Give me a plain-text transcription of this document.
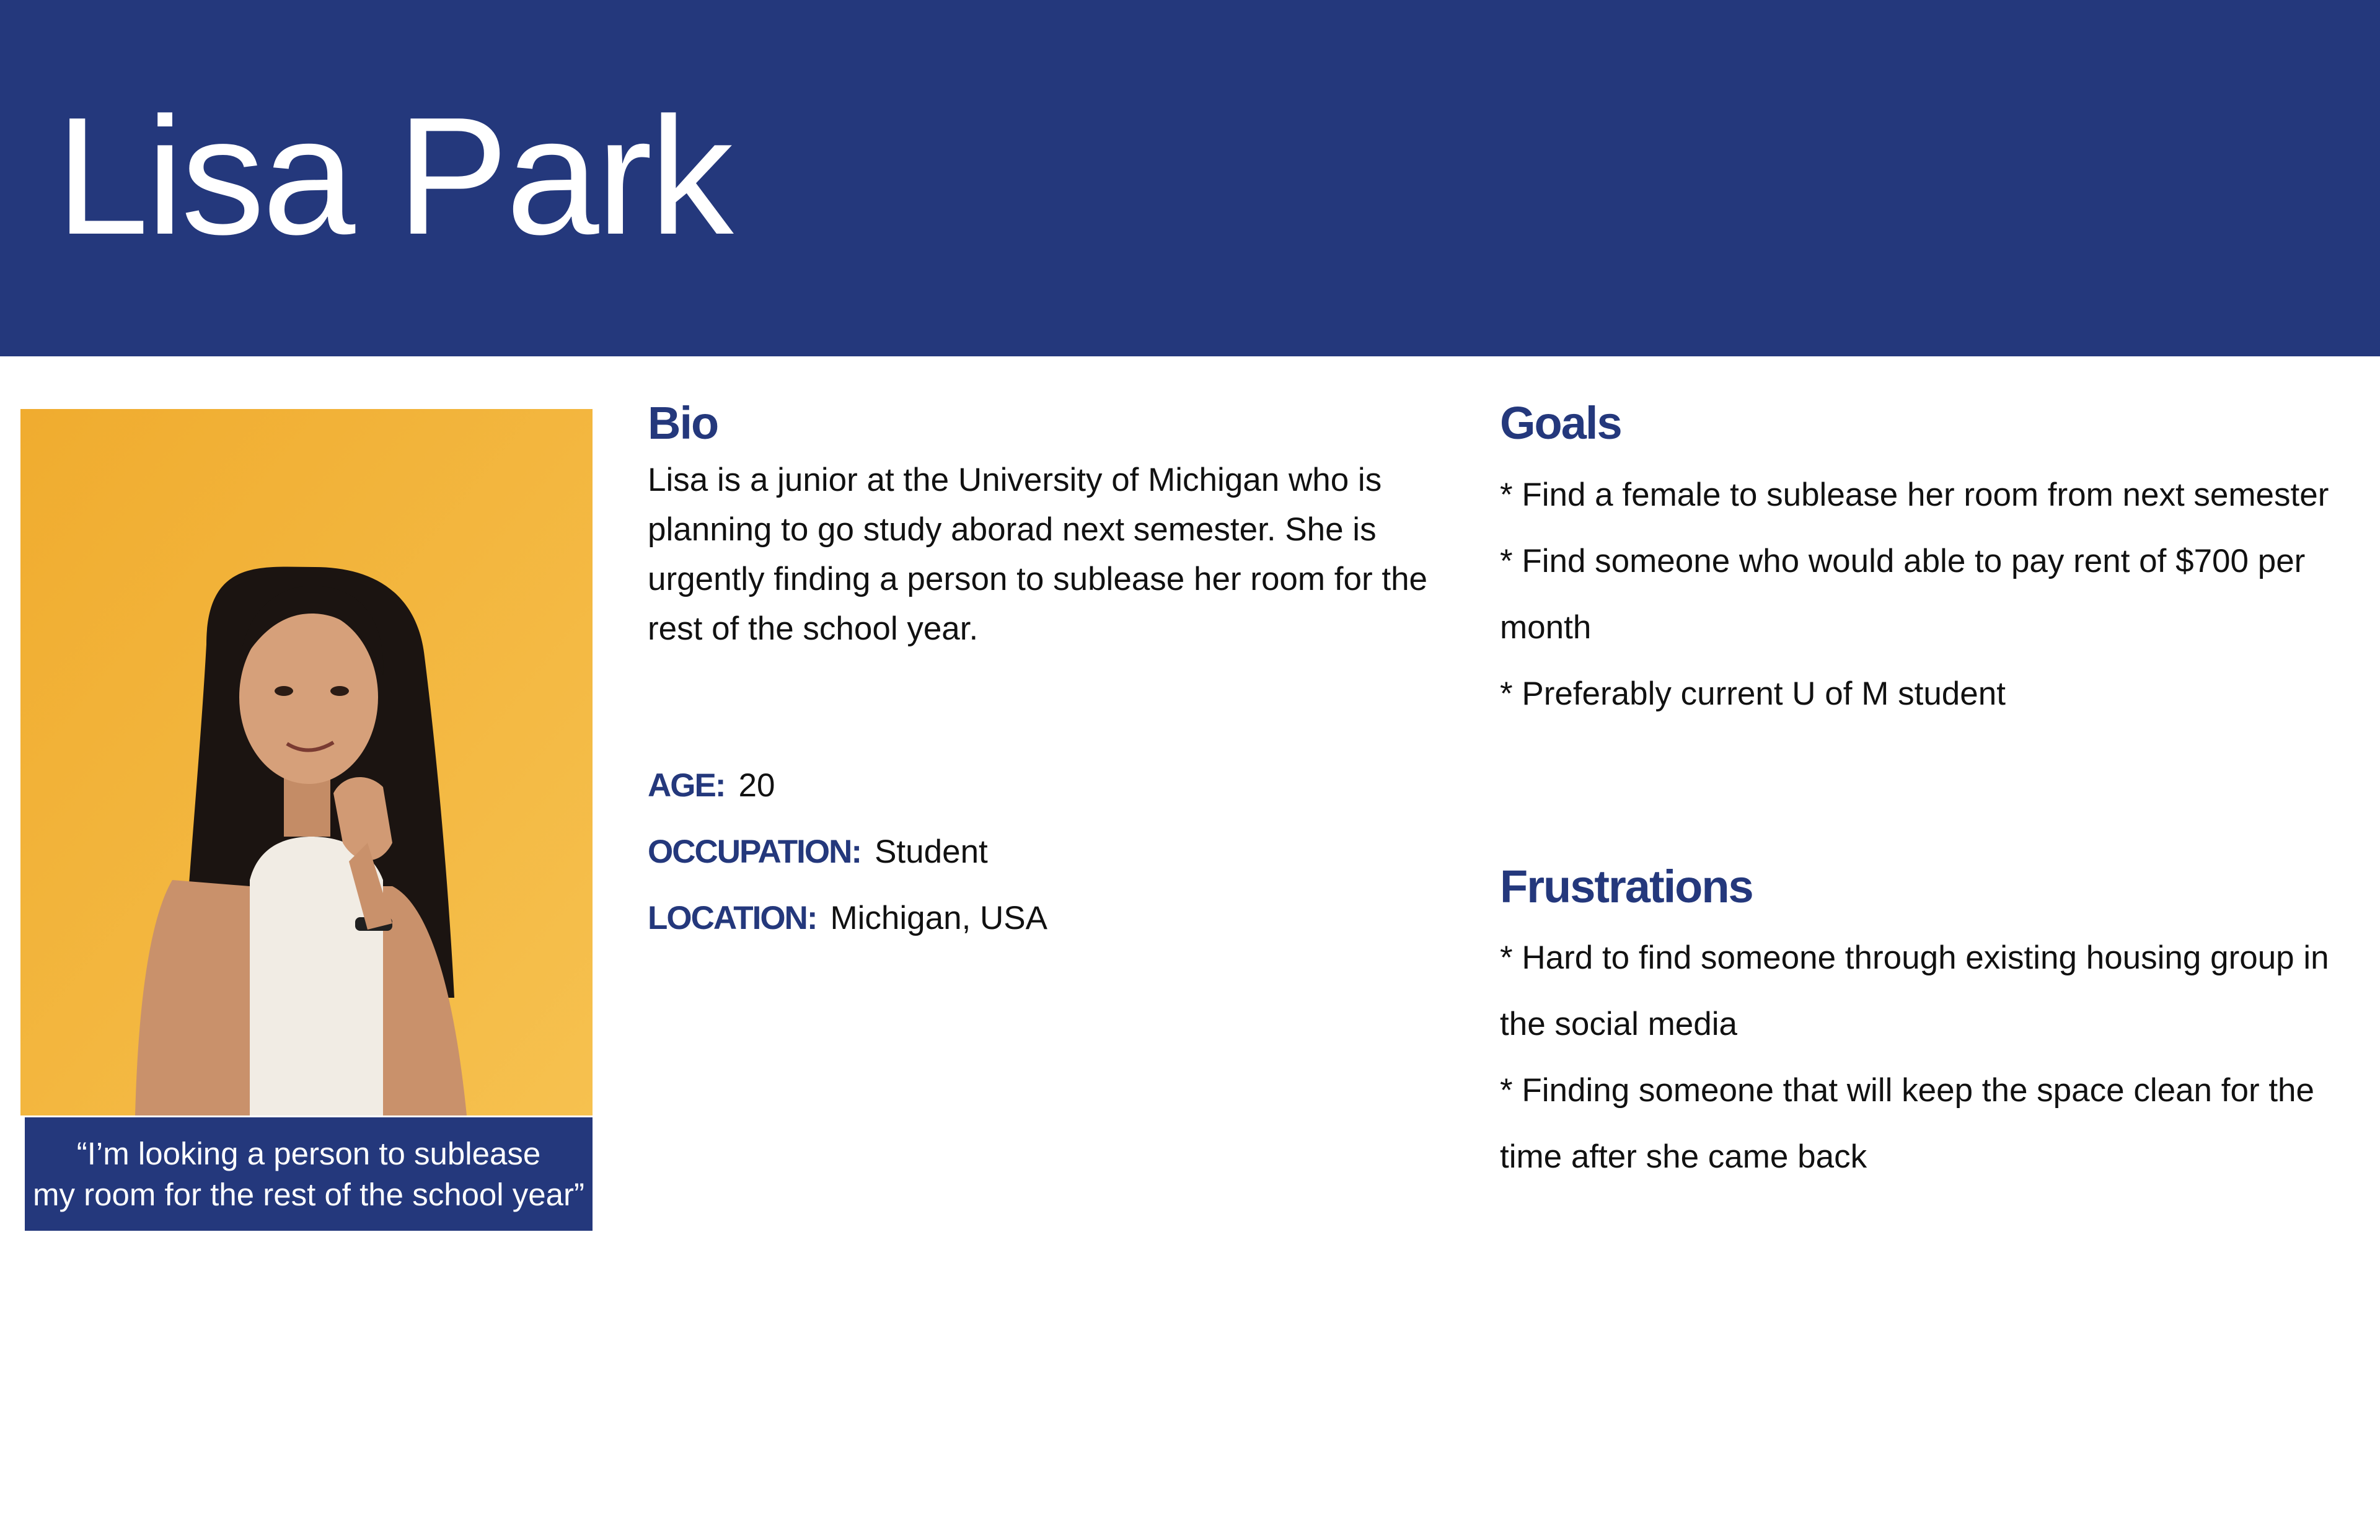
Lisa Park
“I’m looking a person to sublease
my room for the rest of the school year”
Bio

Lisa is a junior at the University of Michigan who is planning to go study aborad next semester. She is urgently finding a person to sublease her room for the rest of the school year.

AGE: 20
OCCUPATION: Student
LOCATION: Michigan, USA
Goals
* Find a female to sublease her room from next semester
* Find someone who would able to pay rent of $700 per month
* Preferably current U of M student
Frustrations
* Hard to find someone through existing housing group in the social media
* Finding someone that will keep the space clean for the time after she came back
